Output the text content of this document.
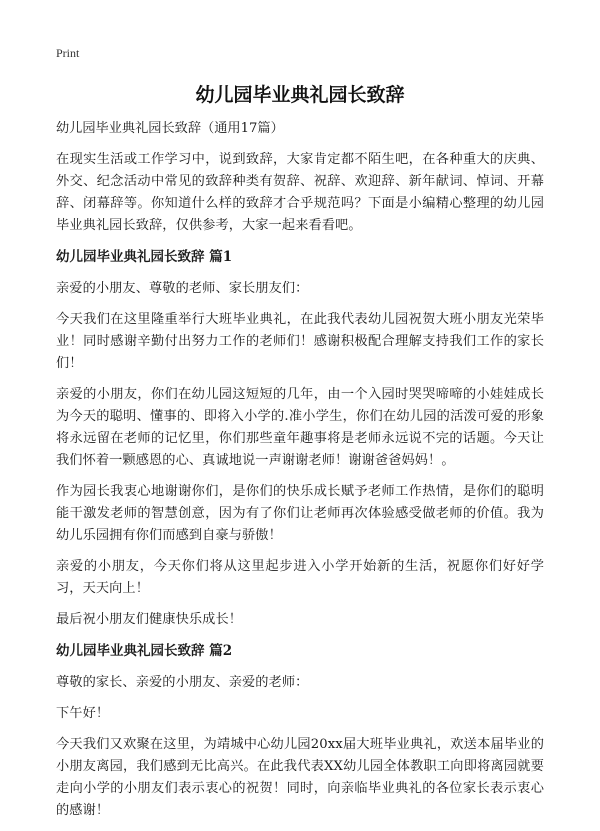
Print
幼儿园毕业典礼园长致辞
幼儿园毕业典礼园长致辞（通用17篇）

在现实生活或工作学习中，说到致辞，大家肯定都不陌生吧，在各种重大的庆典、外交、纪念活动中常见的致辞种类有贺辞、祝辞、欢迎辞、新年献词、悼词、开幕辞、闭幕辞等。你知道什么样的致辞才合乎规范吗？下面是小编精心整理的幼儿园毕业典礼园长致辞，仅供参考，大家一起来看看吧。

幼儿园毕业典礼园长致辞 篇1

亲爱的小朋友、尊敬的老师、家长朋友们：

今天我们在这里隆重举行大班毕业典礼，在此我代表幼儿园祝贺大班小朋友光荣毕业！同时感谢辛勤付出努力工作的老师们！感谢积极配合理解支持我们工作的家长们！

亲爱的小朋友，你们在幼儿园这短短的几年，由一个入园时哭哭啼啼的小娃娃成长为今天的聪明、懂事的、即将入小学的.准小学生，你们在幼儿园的活泼可爱的形象将永远留在老师的记忆里，你们那些童年趣事将是老师永远说不完的话题。今天让我们怀着一颗感恩的心、真诚地说一声谢谢老师！谢谢爸爸妈妈！。

作为园长我衷心地谢谢你们，是你们的快乐成长赋予老师工作热情，是你们的聪明能干激发老师的智慧创意，因为有了你们让老师再次体验感受做老师的价值。我为幼儿乐园拥有你们而感到自豪与骄傲！

亲爱的小朋友，今天你们将从这里起步进入小学开始新的生活，祝愿你们好好学习，天天向上！

最后祝小朋友们健康快乐成长！

幼儿园毕业典礼园长致辞 篇2

尊敬的家长、亲爱的小朋友、亲爱的老师：

下午好！

今天我们又欢聚在这里，为靖城中心幼儿园20xx届大班毕业典礼，欢送本届毕业的小朋友离园，我们感到无比高兴。在此我代表XX幼儿园全体教职工向即将离园就要走向小学的小朋友们表示衷心的祝贺！同时，向亲临毕业典礼的各位家长表示衷心的感谢！
